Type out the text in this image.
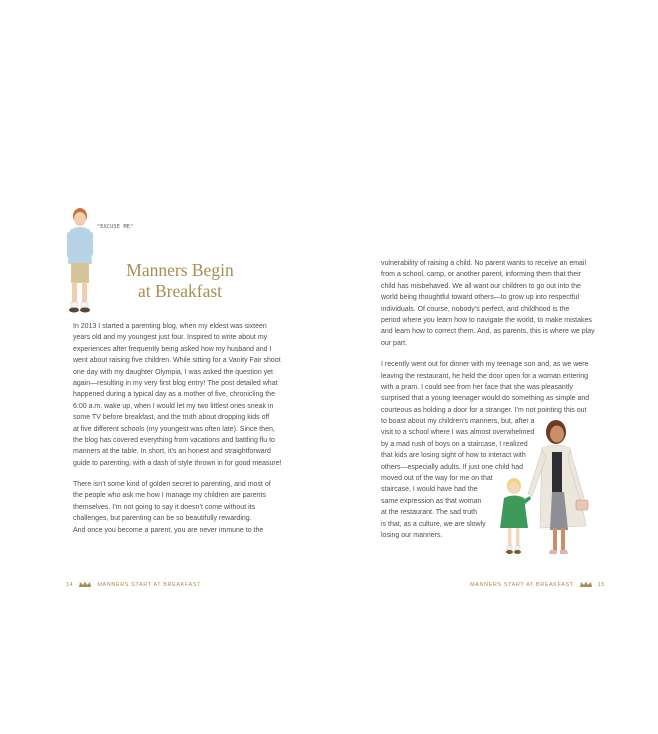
"EXCUSE ME"
Manners Begin
at Breakfast
In 2013 I started a parenting blog, when my eldest was sixteen
years old and my youngest just four. Inspired to write about my
experiences after frequently being asked how my husband and I
went about raising five children. While sitting for a Vanity Fair shoot
one day with my daughter Olympia, I was asked the question yet
again—resulting in my very first blog entry! The post detailed what
happened during a typical day as a mother of five, chronicling the
6:00 a.m. wake up, when I would let my two littlest ones sneak in
some TV before breakfast, and the truth about dropping kids off
at five different schools (my youngest was often late). Since then,
the blog has covered everything from vacations and battling flu to
manners at the table. In short, it’s an honest and straightforward
guide to parenting, with a dash of style thrown in for good measure!
There isn’t some kind of golden secret to parenting, and most of
the people who ask me how I manage my children are parents
themselves. I’m not going to say it doesn’t come without its
challenges, but parenting can be so beautifully rewarding.
And once you become a parent, you are never immune to the
14	MANNERS START AT BREAKFAST
vulnerability of raising a child. No parent wants to receive an email
from a school, camp, or another parent, informing them that their
child has misbehaved. We all want our children to go out into the
world being thoughtful toward others—to grow up into respectful
individuals. Of course, nobody’s perfect, and childhood is the
period where you learn how to navigate the world, to make mistakes
and learn how to correct them. And, as parents, this is where we play
our part.
I recently went out for dinner with my teenage son and, as we were
leaving the restaurant, he held the door open for a woman entering
with a pram. I could see from her face that she was pleasantly
surprised that a young teenager would do something as simple and
courteous as holding a door for a stranger. I’m not pointing this out
to boast about my children’s manners, but, after a
visit to a school where I was almost overwhelmed
by a mad rush of boys on a staircase, I realized
that kids are losing sight of how to interact with
others—especially adults. If just one child had
moved out of the way for me on that
staircase, I would have had the
same expression as that woman
at the restaurant. The sad truth
is that, as a culture, we are slowly
losing our manners.
MANNERS START AT BREAKFAST	15
